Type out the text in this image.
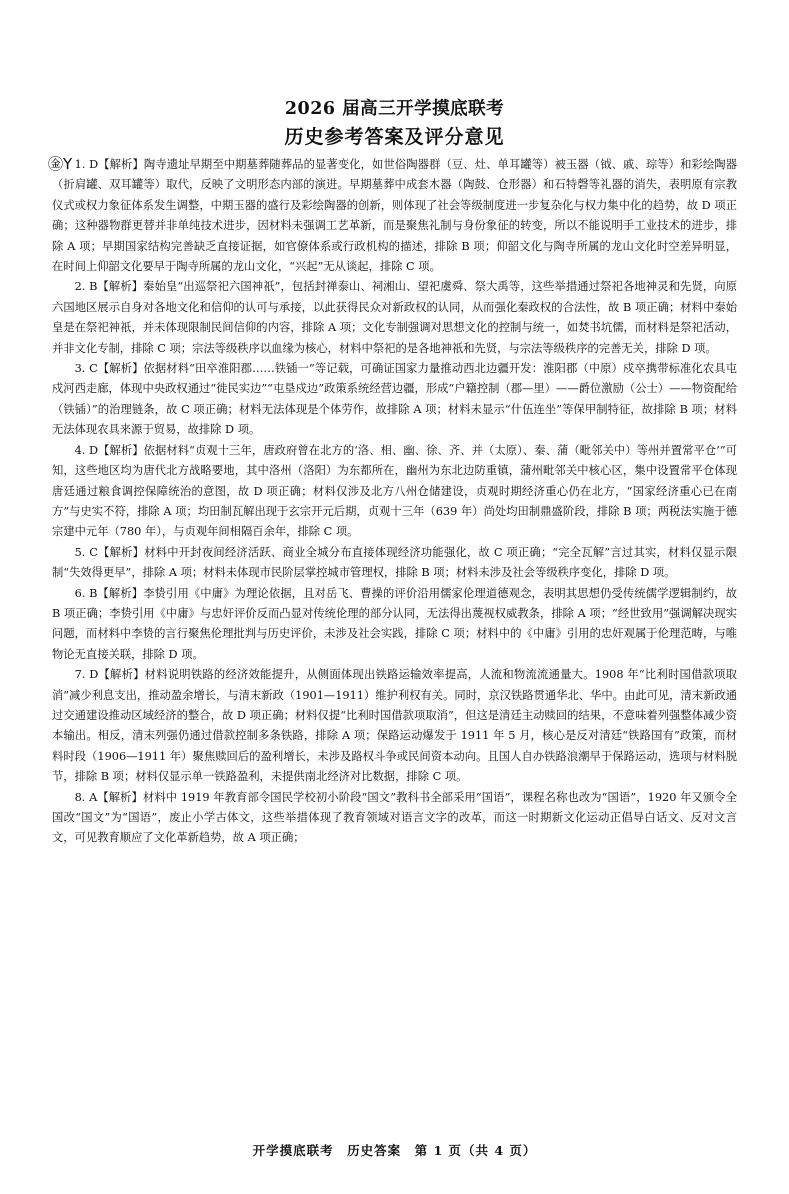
㊎Y
2026 届高三开学摸底联考
历史参考答案及评分意见

1. D【解析】陶寺遗址早期至中期墓葬随葬品的显著变化，如世俗陶器群（豆、灶、单耳罐等）被玉器（钺、戚、琮等）和彩绘陶器（折肩罐、双耳罐等）取代，反映了文明形态内部的演进。早期墓葬中成套木器（陶鼓、仓形器）和石特磬等礼器的消失，表明原有宗教仪式或权力象征体系发生调整，中期玉器的盛行及彩绘陶器的创新，则体现了社会等级制度进一步复杂化与权力集中化的趋势，故 D 项正确；这种器物群更替并非单纯技术进步，因材料未强调工艺革新，而是聚焦礼制与身份象征的转变，所以不能说明手工业技术的进步，排除 A 项；早期国家结构完善缺乏直接证据，如官僚体系或行政机构的描述，排除 B 项；仰韶文化与陶寺所属的龙山文化时空差异明显，在时间上仰韶文化要早于陶寺所属的龙山文化，“兴起”无从谈起，排除 C 项。

2. B【解析】秦始皇“出巡祭祀六国神祇”，包括封禅泰山、祠湘山、望祀虞舜、祭大禹等，这些举措通过祭祀各地神灵和先贤，向原六国地区展示自身对各地文化和信仰的认可与承接，以此获得民众对新政权的认同，从而强化秦政权的合法性，故 B 项正确；材料中秦始皇是在祭祀神祇，并未体现限制民间信仰的内容，排除 A 项；文化专制强调对思想文化的控制与统一，如焚书坑儒，而材料是祭祀活动，并非文化专制，排除 C 项；宗法等级秩序以血缘为核心，材料中祭祀的是各地神祇和先贤，与宗法等级秩序的完善无关，排除 D 项。

3. C【解析】依据材料“田卒淮阳郡……铁锸一”等记载，可确证国家力量推动西北边疆开发：淮阳郡（中原）戍卒携带标准化农具屯戍河西走廊，体现中央政权通过“徙民实边”“屯垦戍边”政策系统经营边疆，形成“户籍控制（郡—里）——爵位激励（公士）——物资配给（铁锸）”的治理链条，故 C 项正确；材料无法体现是个体劳作，故排除 A 项；材料未显示“什伍连坐”等保甲制特征，故排除 B 项；材料无法体现农具来源于贸易，故排除 D 项。

4. D【解析】依据材料“贞观十三年，唐政府曾在北方的‘洛、相、幽、徐、齐、并（太原）、秦、蒲（毗邻关中）等州并置常平仓’”可知，这些地区均为唐代北方战略要地，其中洛州（洛阳）为东都所在，幽州为东北边防重镇，蒲州毗邻关中核心区，集中设置常平仓体现唐廷通过粮食调控保障统治的意图，故 D 项正确；材料仅涉及北方八州仓储建设，贞观时期经济重心仍在北方，“国家经济重心已在南方”与史实不符，排除 A 项；均田制瓦解出现于玄宗开元后期，贞观十三年（639 年）尚处均田制鼎盛阶段，排除 B 项；两税法实施于德宗建中元年（780 年），与贞观年间相隔百余年，排除 C 项。

5. C【解析】材料中开封夜间经济活跃、商业全城分布直接体现经济功能强化，故 C 项正确；“完全瓦解”言过其实，材料仅显示限制“失效得更早”，排除 A 项；材料未体现市民阶层掌控城市管理权，排除 B 项；材料未涉及社会等级秩序变化，排除 D 项。

6. B【解析】李贽引用《中庸》为理论依据，且对岳飞、曹操的评价沿用儒家伦理道德观念，表明其思想仍受传统儒学逻辑制约，故 B 项正确；李贽引用《中庸》与忠奸评价反而凸显对传统伦理的部分认同，无法得出蔑视权威教条，排除 A 项；“经世致用”强调解决现实问题，而材料中李贽的言行聚焦伦理批判与历史评价，未涉及社会实践，排除 C 项；材料中的《中庸》引用的忠奸观属于伦理范畴，与唯物论无直接关联，排除 D 项。

7. D【解析】材料说明铁路的经济效能提升，从侧面体现出铁路运输效率提高，人流和物流流通量大。1908 年“比利时国借款项取消”减少利息支出，推动盈余增长，与清末新政（1901—1911）维护利权有关。同时，京汉铁路贯通华北、华中。由此可见，清末新政通过交通建设推动区域经济的整合，故 D 项正确；材料仅提“比利时国借款项取消”，但这是清廷主动赎回的结果，不意味着列强整体减少资本输出。相反，清末列强仍通过借款控制多条铁路，排除 A 项；保路运动爆发于 1911 年 5 月，核心是反对清廷“铁路国有”政策，而材料时段（1906—1911 年）聚焦赎回后的盈利增长，未涉及路权斗争或民间资本动向。且国人自办铁路浪潮早于保路运动，选项与材料脱节，排除 B 项；材料仅显示单一铁路盈利，未提供南北经济对比数据，排除 C 项。

8. A【解析】材料中 1919 年教育部令国民学校初小阶段“国文”教科书全部采用“国语”，课程名称也改为“国语”，1920 年又颁令全国改“国文”为“国语”，废止小学古体文，这些举措体现了教育领域对语言文字的改革，而这一时期新文化运动正倡导白话文、反对文言文，可见教育顺应了文化革新趋势，故 A 项正确；

开学摸底联考　历史答案　第 1 页（共 4 页）
